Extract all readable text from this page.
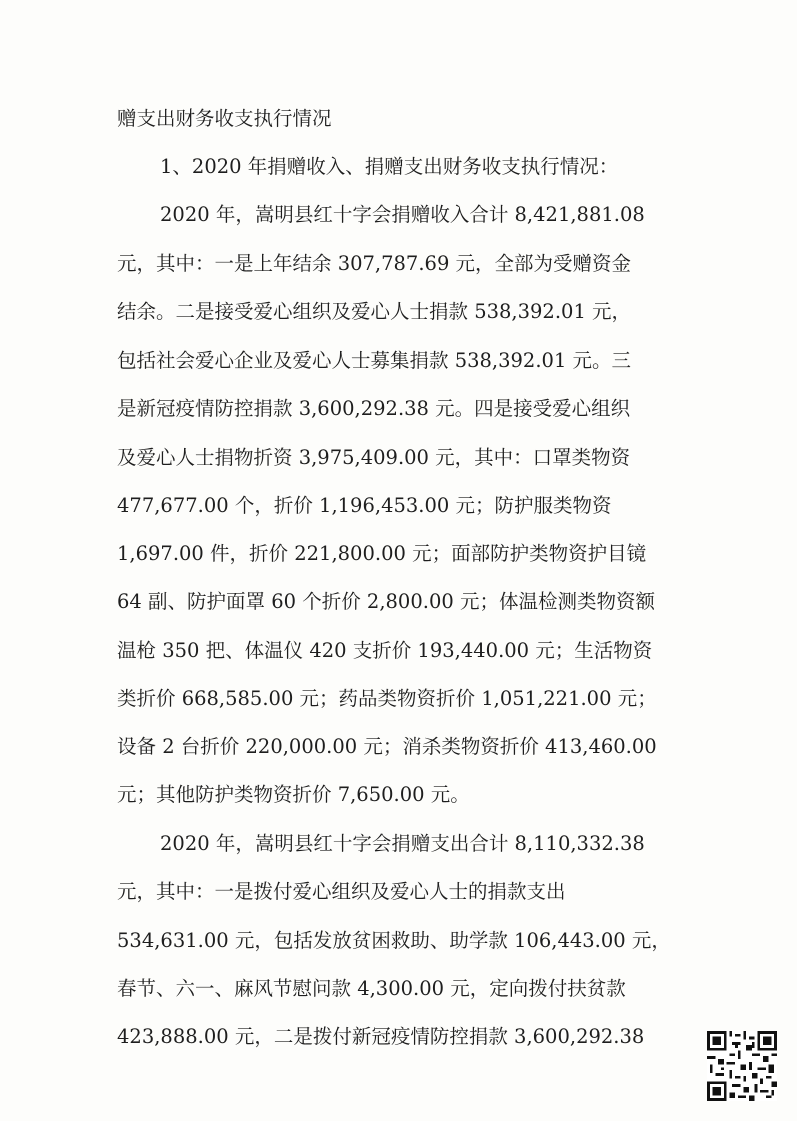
赠支出财务收支执行情况
1、2020 年捐赠收入、捐赠支出财务收支执行情况：
2020 年，嵩明县红十字会捐赠收入合计 8,421,881.08
元，其中：一是上年结余 307,787.69 元，全部为受赠资金
结余。二是接受爱心组织及爱心人士捐款 538,392.01 元，
包括社会爱心企业及爱心人士募集捐款 538,392.01 元。三
是新冠疫情防控捐款 3,600,292.38 元。四是接受爱心组织
及爱心人士捐物折资 3,975,409.00 元，其中：口罩类物资
477,677.00 个，折价 1,196,453.00 元；防护服类物资
1,697.00 件，折价 221,800.00 元；面部防护类物资护目镜
64 副、防护面罩 60 个折价 2,800.00 元；体温检测类物资额
温枪 350 把、体温仪 420 支折价 193,440.00 元；生活物资
类折价 668,585.00 元；药品类物资折价 1,051,221.00 元；
设备 2 台折价 220,000.00 元；消杀类物资折价 413,460.00
元；其他防护类物资折价 7,650.00 元。
2020 年，嵩明县红十字会捐赠支出合计 8,110,332.38
元，其中：一是拨付爱心组织及爱心人士的捐款支出
534,631.00 元，包括发放贫困救助、助学款 106,443.00 元，
春节、六一、麻风节慰问款 4,300.00 元，定向拨付扶贫款
423,888.00 元，二是拨付新冠疫情防控捐款 3,600,292.38
